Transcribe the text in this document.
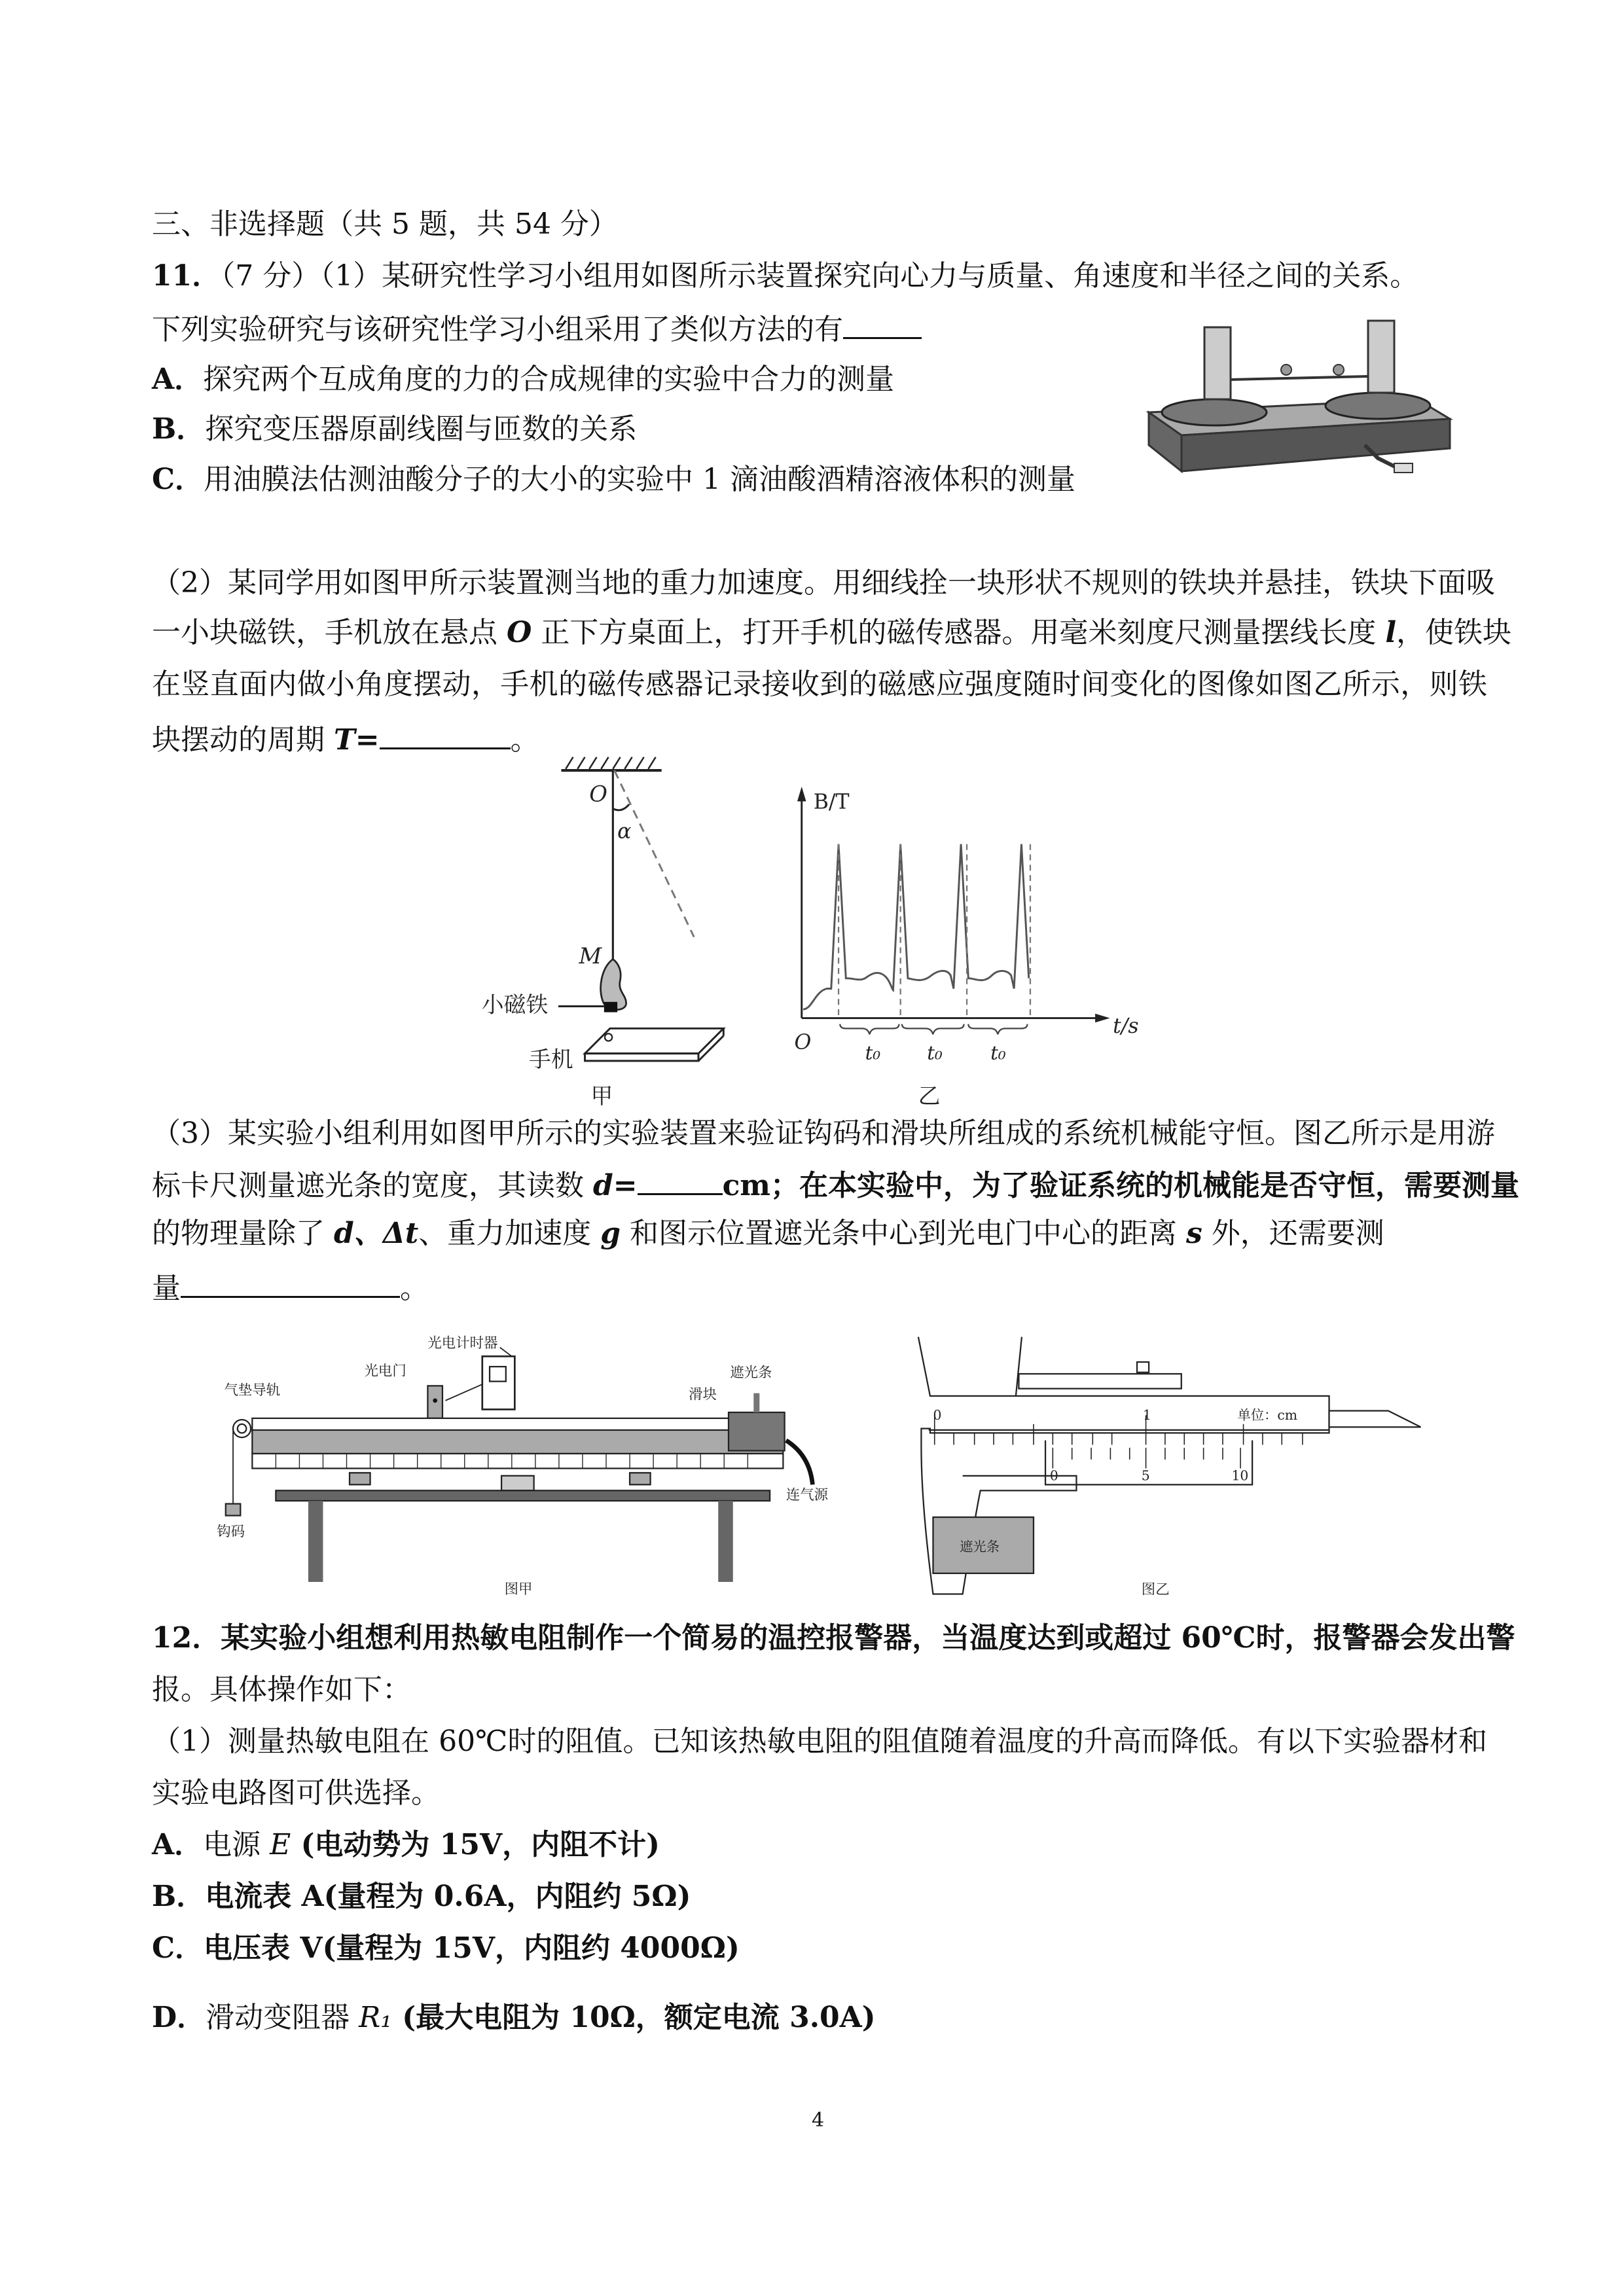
三、非选择题（共 5 题，共 54 分）
11．（7 分）（1）某研究性学习小组用如图所示装置探究向心力与质量、角速度和半径之间的关系。
下列实验研究与该研究性学习小组采用了类似方法的有
A．探究两个互成角度的力的合成规律的实验中合力的测量
B．探究变压器原副线圈与匝数的关系
C．用油膜法估测油酸分子的大小的实验中 1 滴油酸酒精溶液体积的测量
（2）某同学用如图甲所示装置测当地的重力加速度。用细线拴一块形状不规则的铁块并悬挂，铁块下面吸
一小块磁铁，手机放在悬点 O 正下方桌面上，打开手机的磁传感器。用毫米刻度尺测量摆线长度 l，使铁块
在竖直面内做小角度摆动，手机的磁传感器记录接收到的磁感应强度随时间变化的图像如图乙所示，则铁
块摆动的周期 T=	。
O
α
M
小磁铁
手机
甲
B/T
t/s
O	t₀	t₀	t₀
乙
（3）某实验小组利用如图甲所示的实验装置来验证钩码和滑块所组成的系统机械能守恒。图乙所示是用游
标卡尺测量遮光条的宽度，其读数 d=	cm；在本实验中，为了验证系统的机械能是否守恒，需要测量
的物理量除了 d、Δt、重力加速度 g 和图示位置遮光条中心到光电门中心的距离 s 外，还需要测
量	。
光电计时器
光电门
气垫导轨	滑块
遮光条
钩码
连气源
图甲
0	1	单位：cm
0	5	10
遮光条
图乙
12．某实验小组想利用热敏电阻制作一个简易的温控报警器，当温度达到或超过 60℃时，报警器会发出警
报。具体操作如下：
（1）测量热敏电阻在 60℃时的阻值。已知该热敏电阻的阻值随着温度的升高而降低。有以下实验器材和
实验电路图可供选择。
A．电源 E (电动势为 15V，内阻不计)
B．电流表 A(量程为 0.6A，内阻约 5Ω)
C．电压表 V(量程为 15V，内阻约 4000Ω)
D．滑动变阻器 R₁ (最大电阻为 10Ω，额定电流 3.0A)
4
